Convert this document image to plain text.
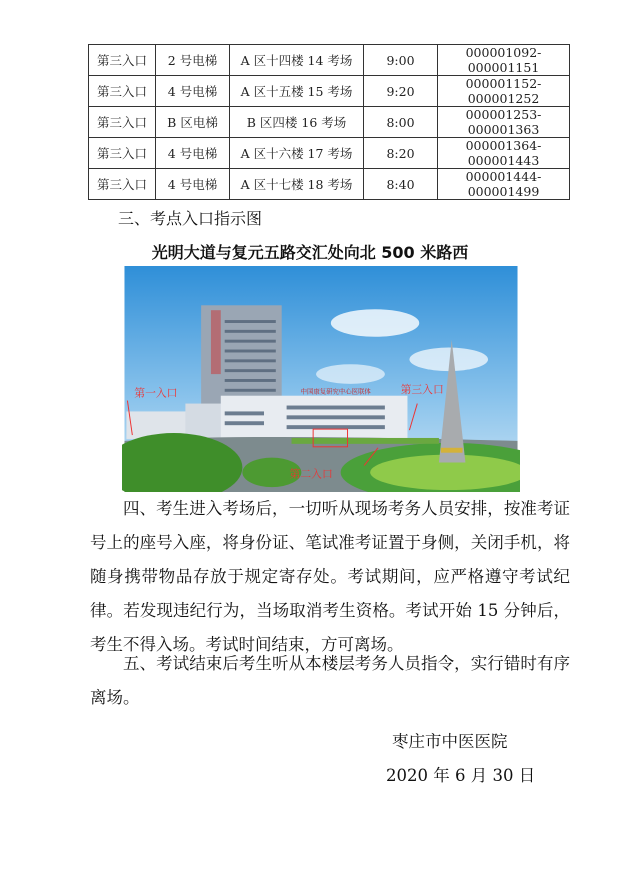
第三入口	2 号电梯	A 区十四楼 14 考场	9:00	000001092-000001151
第三入口	4 号电梯	A 区十五楼 15 考场	9:20	000001152-000001252
第三入口	B 区电梯	B 区四楼 16 考场	8:00	000001253-000001363
第三入口	4 号电梯	A 区十六楼 17 考场	8:20	000001364-000001443
第三入口	4 号电梯	A 区十七楼 18 考场	8:40	000001444-000001499
三、考点入口指示图
光明大道与复元五路交汇处向北 500 米路西
中国康复研究中心医联体
第一入口
第二入口
第三入口
四、考生进入考场后，一切听从现场考务人员安排，按准考证号上的座号入座，将身份证、笔试准考证置于身侧，关闭手机，将随身携带物品存放于规定寄存处。考试期间，应严格遵守考试纪律。若发现违纪行为，当场取消考生资格。考试开始 15 分钟后，考生不得入场。考试时间结束，方可离场。
五、考试结束后考生听从本楼层考务人员指令，实行错时有序离场。
枣庄市中医医院
2020 年 6 月 30 日
